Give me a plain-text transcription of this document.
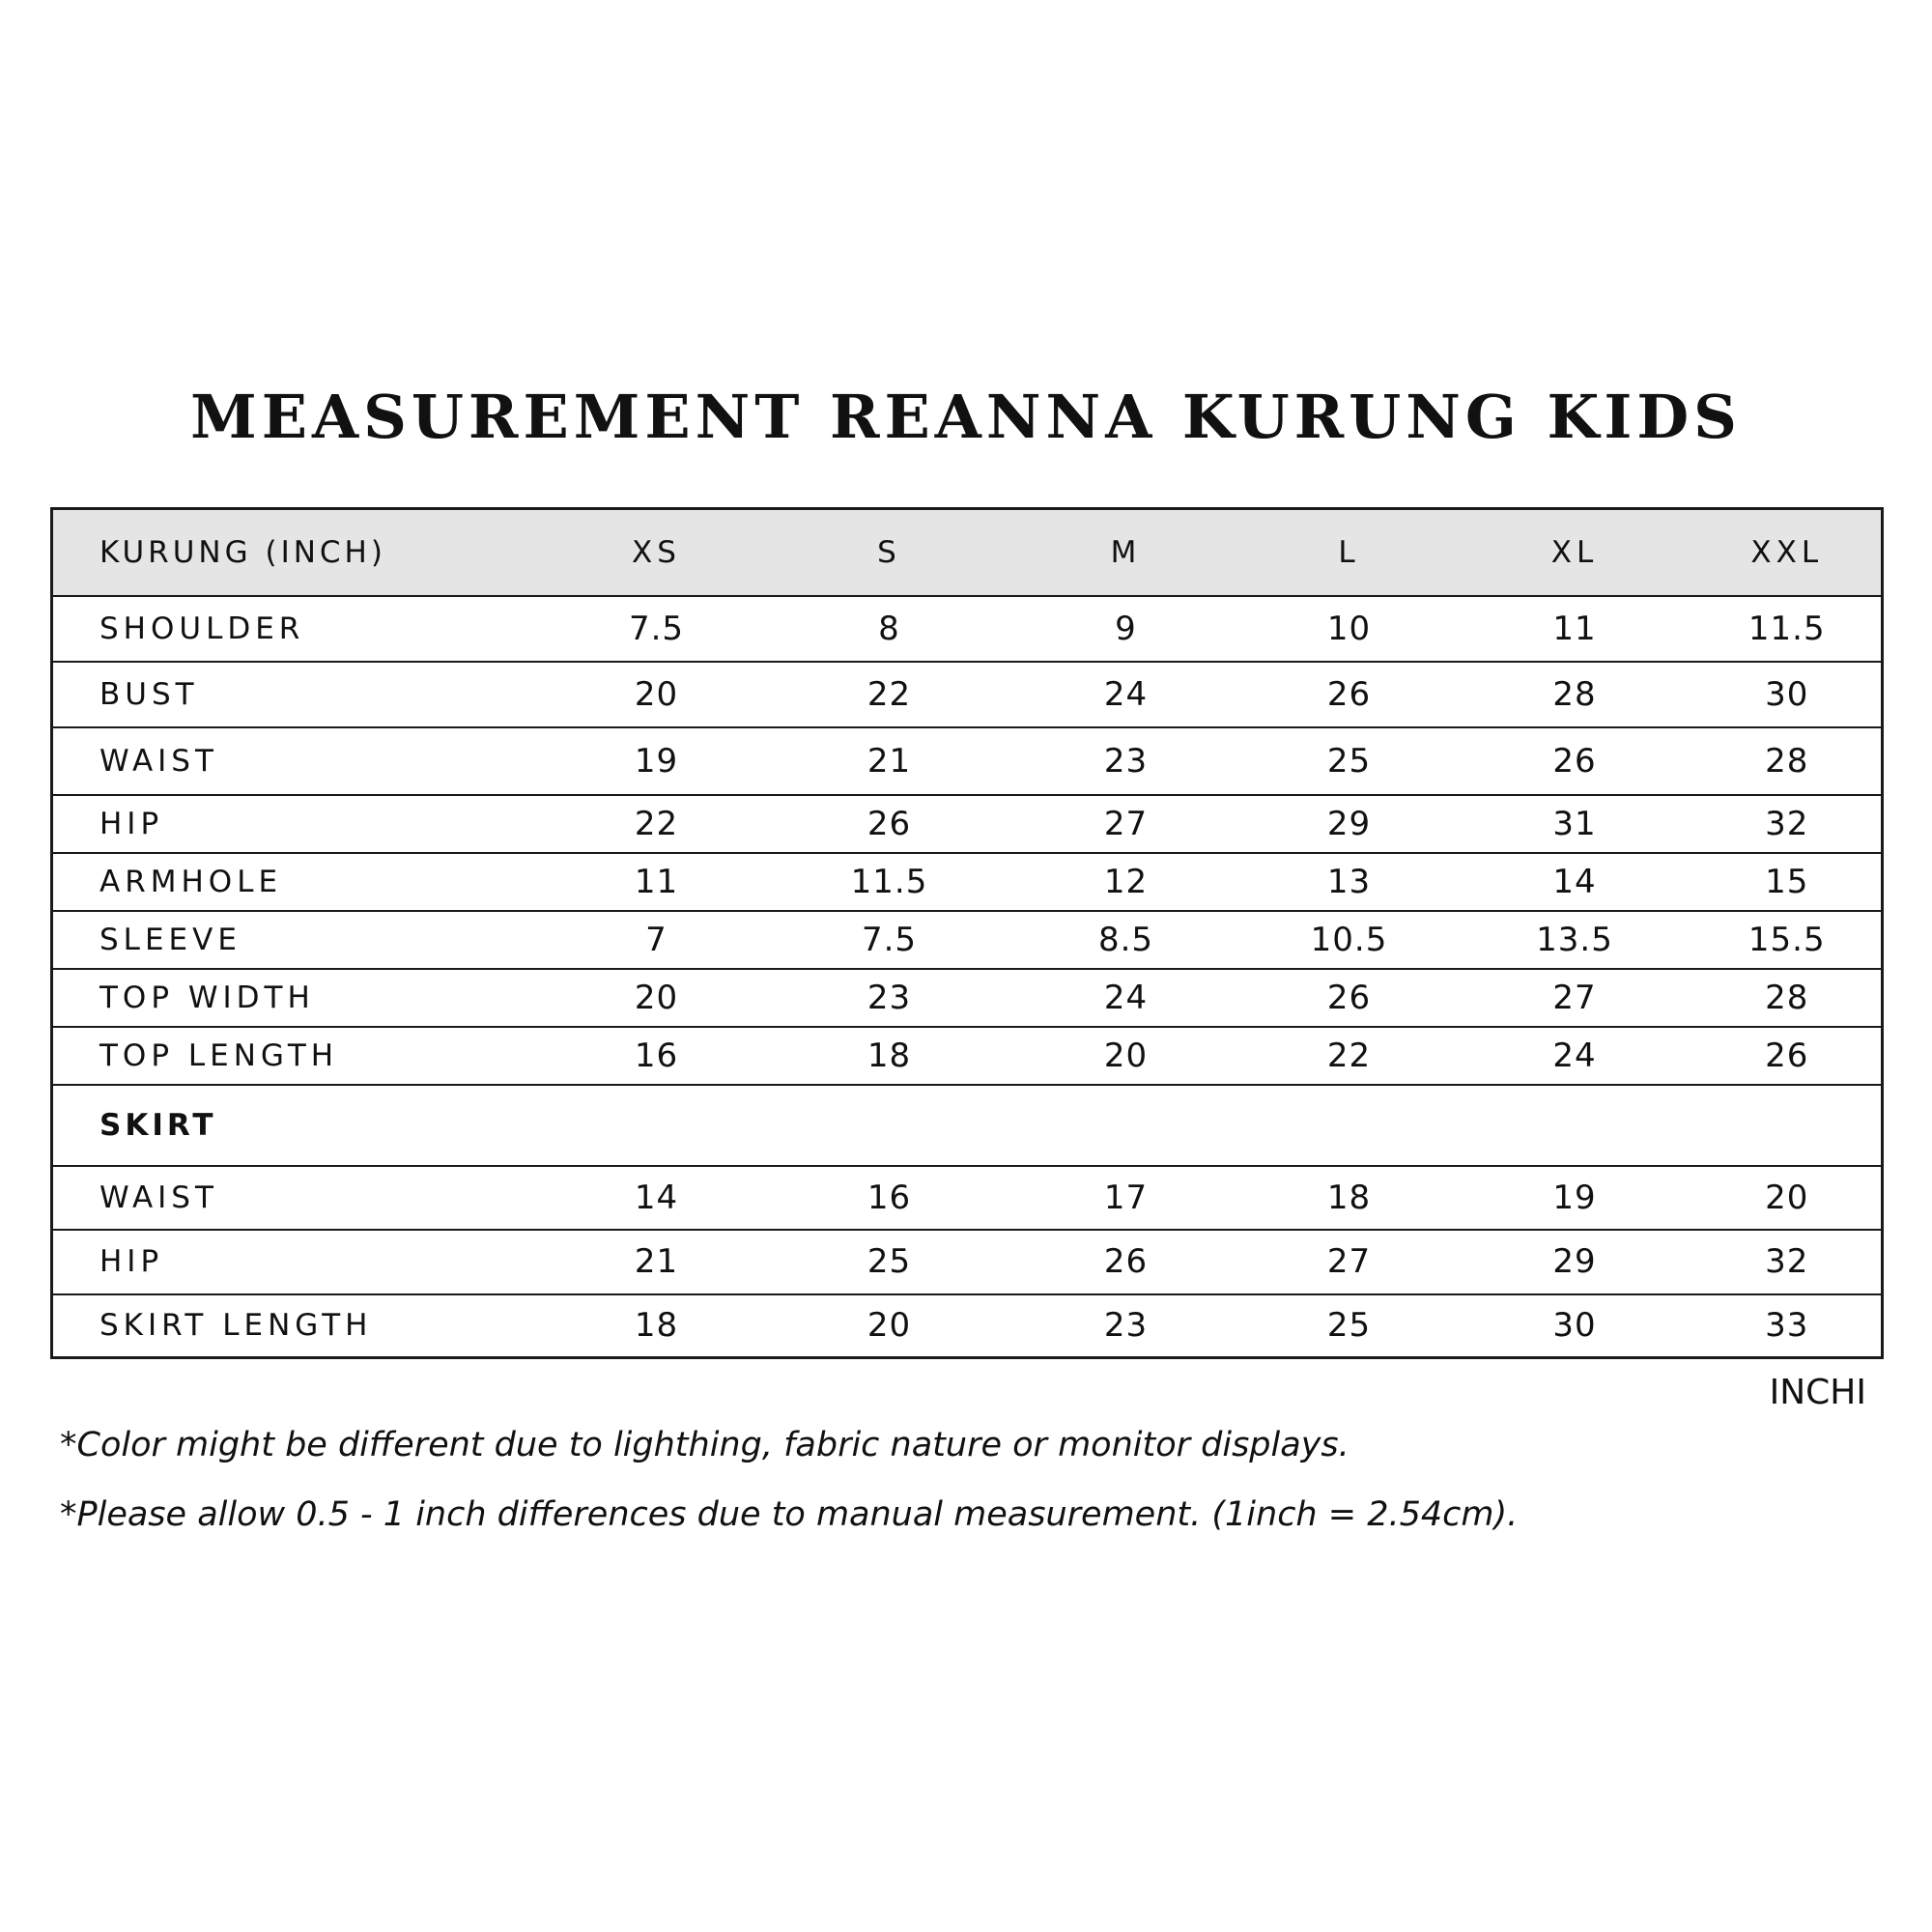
MEASUREMENT REANNA KURUNG KIDS
KURUNG (INCH)	XS	S	M	L	XL	XXL
SHOULDER	7.5	8	9	10	11	11.5
BUST	20	22	24	26	28	30
WAIST	19	21	23	25	26	28
HIP	22	26	27	29	31	32
ARMHOLE	11	11.5	12	13	14	15
SLEEVE	7	7.5	8.5	10.5	13.5	15.5
TOP WIDTH	20	23	24	26	27	28
TOP LENGTH	16	18	20	22	24	26
SKIRT						
WAIST	14	16	17	18	19	20
HIP	21	25	26	27	29	32
SKIRT LENGTH	18	20	23	25	30	33
INCHI
*Color might be different due to lighthing, fabric nature or monitor displays.
*Please allow 0.5 - 1 inch differences due to manual measurement. (1inch = 2.54cm).
